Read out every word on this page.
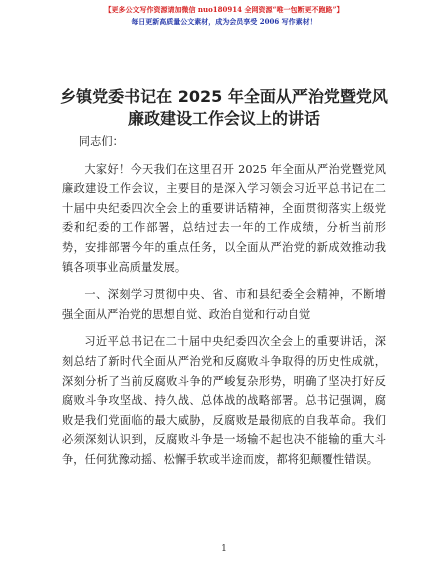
【更多公文写作资源请加微信 nuo180914 全网资源“唯一包断更不跑路”】
每日更新高质量公文素材，成为会员享受 2006 写作素材！
乡镇党委书记在 2025 年全面从严治党暨党风廉政建设工作会议上的讲话

同志们：

大家好！今天我们在这里召开 2025 年全面从严治党暨党风廉政建设工作会议，主要目的是深入学习领会习近平总书记在二十届中央纪委四次全会上的重要讲话精神，全面贯彻落实上级党委和纪委的工作部署，总结过去一年的工作成绩，分析当前形势，安排部署今年的重点任务，以全面从严治党的新成效推动我镇各项事业高质量发展。

一、深刻学习贯彻中央、省、市和县纪委全会精神，不断增强全面从严治党的思想自觉、政治自觉和行动自觉

习近平总书记在二十届中央纪委四次全会上的重要讲话，深刻总结了新时代全面从严治党和反腐败斗争取得的历史性成就，深刻分析了当前反腐败斗争的严峻复杂形势，明确了坚决打好反腐败斗争攻坚战、持久战、总体战的战略部署。总书记强调，腐败是我们党面临的最大威胁，反腐败是最彻底的自我革命。我们必须深刻认识到，反腐败斗争是一场输不起也决不能输的重大斗争，任何犹豫动摇、松懈手软或半途而废，都将犯颠覆性错误。

1
